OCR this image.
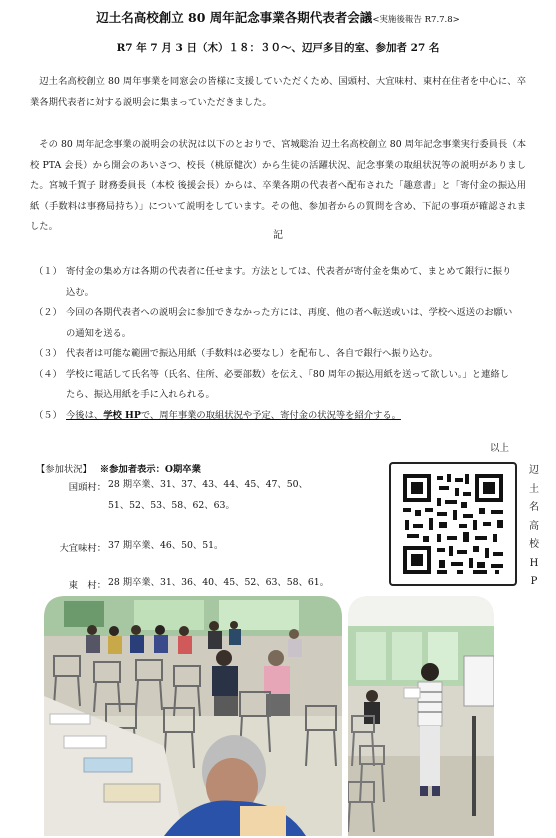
辺土名高校創立 80 周年記念事業各期代表者会議<実施後報告 R7.7.8>
R7 年 7 月 3 日（木）１８：３０～、辺戸多目的室、参加者 27 名
辺土名高校創立 80 周年事業を同窓会の皆様に支援していただくため、国頭村、大宜味村、東村在住者を中心に、卒業各期代表者に対する説明会に集まっていただきました。
その 80 周年記念事業の説明会の状況は以下のとおりで、宮城聡治 辺土名高校創立 80 周年記念事業実行委員長（本校 PTA 会長）から開会のあいさつ、校長（桃原健次）から生徒の活躍状況、記念事業の取組状況等の説明がありました。宮城千賀子 財務委員長（本校 後援会長）からは、卒業各期の代表者へ配布された「趣意書」と「寄付金の振込用紙（手数料は事務局持ち）」について説明をしています。その他、参加者からの質問を含め、下記の事項が確認されました。
記
（１） 寄付金の集め方は各期の代表者に任せます。方法としては、代表者が寄付金を集めて、まとめて銀行に振り込む。
（２） 今回の各期代表者への説明会に参加できなかった方には、再度、他の者へ転送或いは、学校へ返送のお願いの通知を送る。
（３） 代表者は可能な範囲で振込用紙（手数料は必要なし）を配布し、各自で銀行へ振り込む。
（４） 学校に電話して氏名等（氏名、住所、必要部数）を伝え、「80 周年の振込用紙を送って欲しい。」と連絡したら、振込用紙を手に入れられる。
（５） 今後は、学校 HPで、周年事業の取組状況や予定、寄付金の状況等を紹介する。
以上
【参加状況】 ※参加者表示：O期卒業
国頭村： 28 期卒業、31、37、43、44、45、47、50、
51、52、53、58、62、63。
大宜味村： 37 期卒業、46、50、51。
東　村： 28 期卒業、31、36、40、45、52、63、58、61。
辺
土
名
高
校
H
P
